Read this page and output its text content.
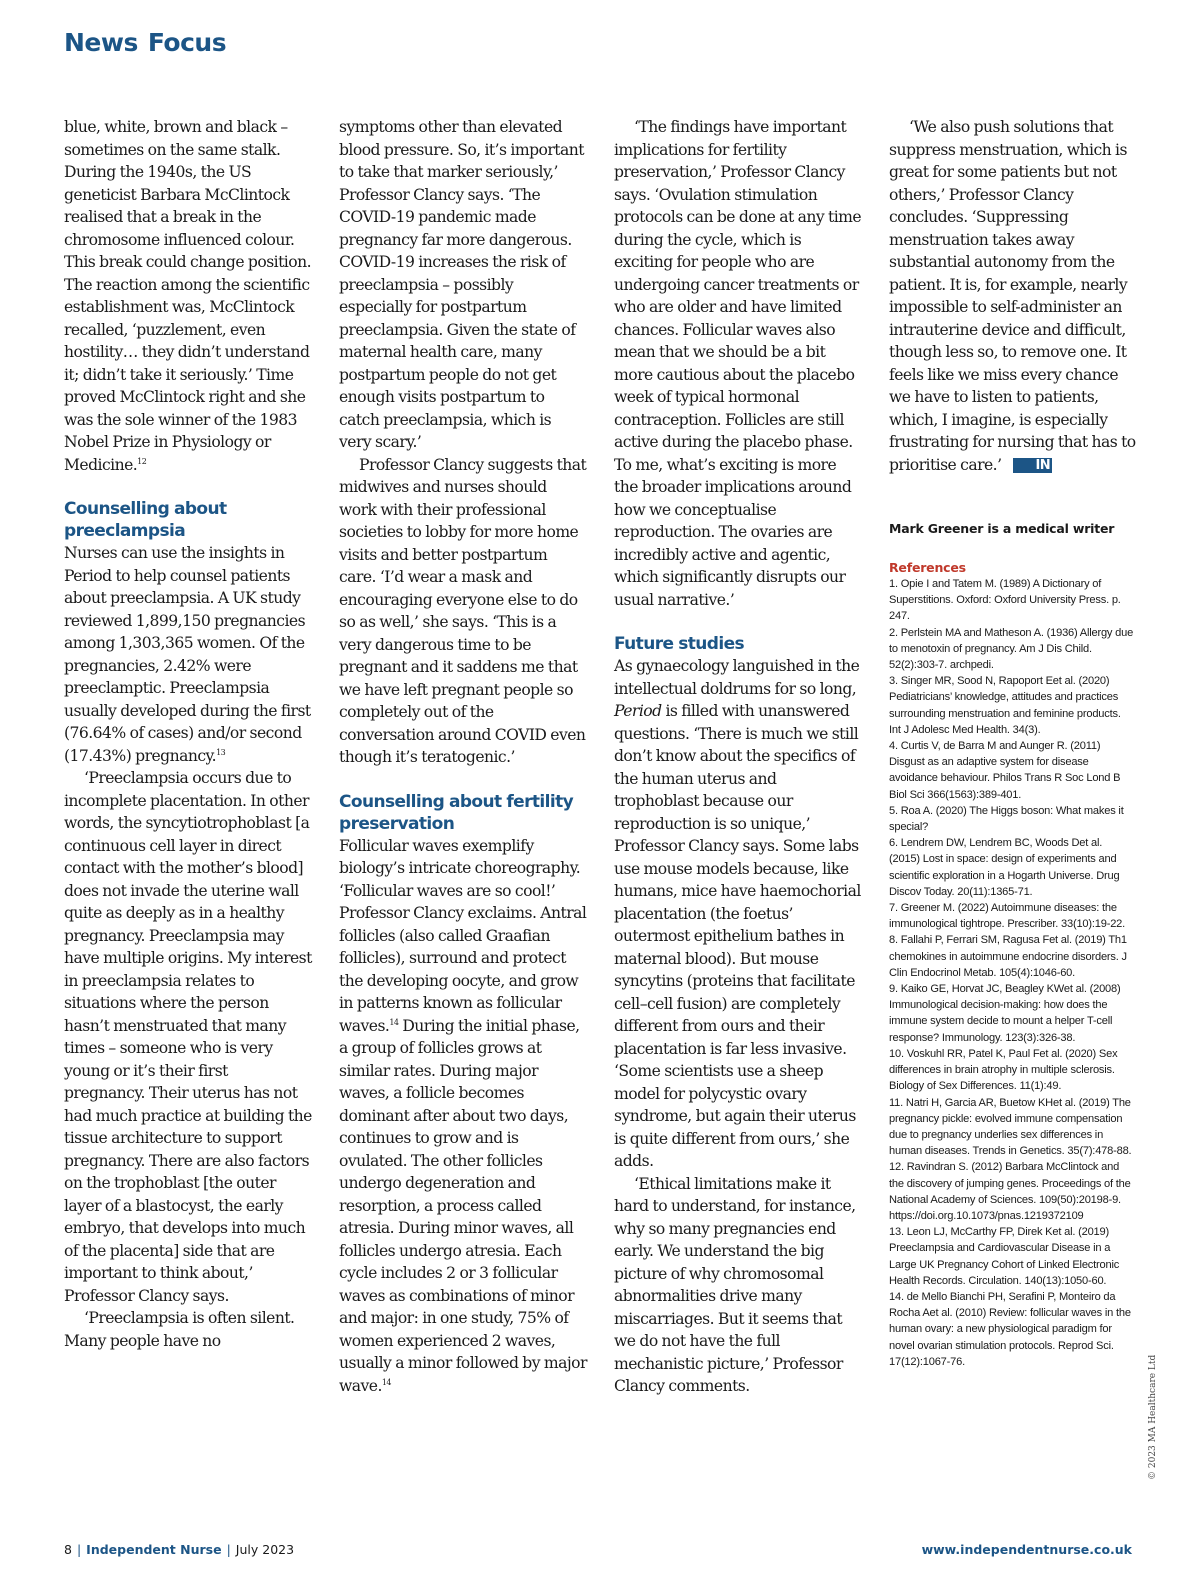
News Focus

blue, white, brown and black – sometimes on the same stalk. During the 1940s, the US geneticist Barbara McClintock realised that a break in the chromosome influenced colour. This break could change position. The reaction among the scientific establishment was, McClintock recalled, ‘puzzlement, even hostility… they didn’t understand it; didn’t take it seriously.’ Time proved McClintock right and she was the sole winner of the 1983 Nobel Prize in Physiology or Medicine.$^{12}$

Counselling about preeclampsia

Nurses can use the insights in Period to help counsel patients about preeclampsia. A UK study reviewed 1,899,150 pregnancies among 1,303,365 women. Of the pregnancies, 2.42% were preeclamptic. Preeclampsia usually developed during the first (76.64% of cases) and/or second (17.43%) pregnancy.$^{13}$

‘Preeclampsia occurs due to incomplete placentation. In other words, the syncytiotrophoblast [a continuous cell layer in direct contact with the mother’s blood] does not invade the uterine wall quite as deeply as in a healthy pregnancy. Preeclampsia may have multiple origins. My interest in preeclampsia relates to situations where the person hasn’t menstruated that many times – someone who is very young or it’s their first pregnancy. Their uterus has not had much practice at building the tissue architecture to support pregnancy. There are also factors on the trophoblast [the outer layer of a blastocyst, the early embryo, that develops into much of the placenta] side that are important to think about,’ Professor Clancy says.

‘Preeclampsia is often silent. Many people have no

symptoms other than elevated blood pressure. So, it’s important to take that marker seriously,’ Professor Clancy says. ‘The COVID-19 pandemic made pregnancy far more dangerous. COVID-19 increases the risk of preeclampsia – possibly especially for postpartum preeclampsia. Given the state of maternal health care, many postpartum people do not get enough visits postpartum to catch preeclampsia, which is very scary.’

Professor Clancy suggests that midwives and nurses should work with their professional societies to lobby for more home visits and better postpartum care. ‘I’d wear a mask and encouraging everyone else to do so as well,’ she says. ‘This is a very dangerous time to be pregnant and it saddens me that we have left pregnant people so completely out of the conversation around COVID even though it’s teratogenic.’

Counselling about fertility preservation

Follicular waves exemplify biology’s intricate choreography. ‘Follicular waves are so cool!’ Professor Clancy exclaims. Antral follicles (also called Graafian follicles), surround and protect the developing oocyte, and grow in patterns known as follicular waves.$^{14}$ During the initial phase, a group of follicles grows at similar rates. During major waves, a follicle becomes dominant after about two days, continues to grow and is ovulated. The other follicles undergo degeneration and resorption, a process called atresia. During minor waves, all follicles undergo atresia. Each cycle includes 2 or 3 follicular waves as combinations of minor and major: in one study, 75% of women experienced 2 waves, usually a minor followed by major wave.$^{14}$

‘The findings have important implications for fertility preservation,’ Professor Clancy says. ‘Ovulation stimulation protocols can be done at any time during the cycle, which is exciting for people who are undergoing cancer treatments or who are older and have limited chances. Follicular waves also mean that we should be a bit more cautious about the placebo week of typical hormonal contraception. Follicles are still active during the placebo phase. To me, what’s exciting is more the broader implications around how we conceptualise reproduction. The ovaries are incredibly active and agentic, which significantly disrupts our usual narrative.’

Future studies

As gynaecology languished in the intellectual doldrums for so long, Period is filled with unanswered questions. ‘There is much we still don’t know about the specifics of the human uterus and trophoblast because our reproduction is so unique,’ Professor Clancy says. Some labs use mouse models because, like humans, mice have haemochorial placentation (the foetus’ outermost epithelium bathes in maternal blood). But mouse syncytins (proteins that facilitate cell–cell fusion) are completely different from ours and their placentation is far less invasive. ‘Some scientists use a sheep model for polycystic ovary syndrome, but again their uterus is quite different from ours,’ she adds.

‘Ethical limitations make it hard to understand, for instance, why so many pregnancies end early. We understand the big picture of why chromosomal abnormalities drive many miscarriages. But it seems that we do not have the full mechanistic picture,’ Professor Clancy comments.

‘We also push solutions that suppress menstruation, which is great for some patients but not others,’ Professor Clancy concludes. ‘Suppressing menstruation takes away substantial autonomy from the patient. It is, for example, nearly impossible to self-administer an intrauterine device and difficult, though less so, to remove one. It feels like we miss every chance we have to listen to patients, which, I imagine, is especially frustrating for nursing that has to prioritise care.’	IN

Mark Greener is a medical writer
References

1. Opie I and Tatem M. (1989) A Dictionary of Superstitions. Oxford: Oxford University Press. p. 247.

2. Perlstein MA and Matheson A. (1936) Allergy due to menotoxin of pregnancy. Am J Dis Child. 52(2):303-7. archpedi.

3. Singer MR, Sood N, Rapoport Eet al. (2020) Pediatricians’ knowledge, attitudes and practices surrounding menstruation and feminine products. Int J Adolesc Med Health. 34(3).

4. Curtis V, de Barra M and Aunger R. (2011) Disgust as an adaptive system for disease avoidance behaviour. Philos Trans R Soc Lond B Biol Sci 366(1563):389-401.

5. Roa A. (2020) The Higgs boson: What makes it special?

6. Lendrem DW, Lendrem BC, Woods Det al. (2015) Lost in space: design of experiments and scientific exploration in a Hogarth Universe. Drug Discov Today. 20(11):1365-71.

7. Greener M. (2022) Autoimmune diseases: the immunological tightrope. Prescriber. 33(10):19-22.

8. Fallahi P, Ferrari SM, Ragusa Fet al. (2019) Th1 chemokines in autoimmune endocrine disorders. J Clin Endocrinol Metab. 105(4):1046-60.

9. Kaiko GE, Horvat JC, Beagley KWet al. (2008) Immunological decision-making: how does the immune system decide to mount a helper T-cell response? Immunology. 123(3):326-38.

10. Voskuhl RR, Patel K, Paul Fet al. (2020) Sex differences in brain atrophy in multiple sclerosis. Biology of Sex Differences. 11(1):49.

11. Natri H, Garcia AR, Buetow KHet al. (2019) The pregnancy pickle: evolved immune compensation due to pregnancy underlies sex differences in human diseases. Trends in Genetics. 35(7):478-88.

12. Ravindran S. (2012) Barbara McClintock and the discovery of jumping genes. Proceedings of the National Academy of Sciences. 109(50):20198-9. https://doi.org.10.1073/pnas.1219372109

13. Leon LJ, McCarthy FP, Direk Ket al. (2019) Preeclampsia and Cardiovascular Disease in a Large UK Pregnancy Cohort of Linked Electronic Health Records. Circulation. 140(13):1050-60.

14. de Mello Bianchi PH, Serafini P, Monteiro da Rocha Aet al. (2010) Review: follicular waves in the human ovary: a new physiological paradigm for novel ovarian stimulation protocols. Reprod Sci. 17(12):1067-76.	© 2023 MA Healthcare Ltd
8 | Independent Nurse | July 2023	www.independentnurse.co.uk
